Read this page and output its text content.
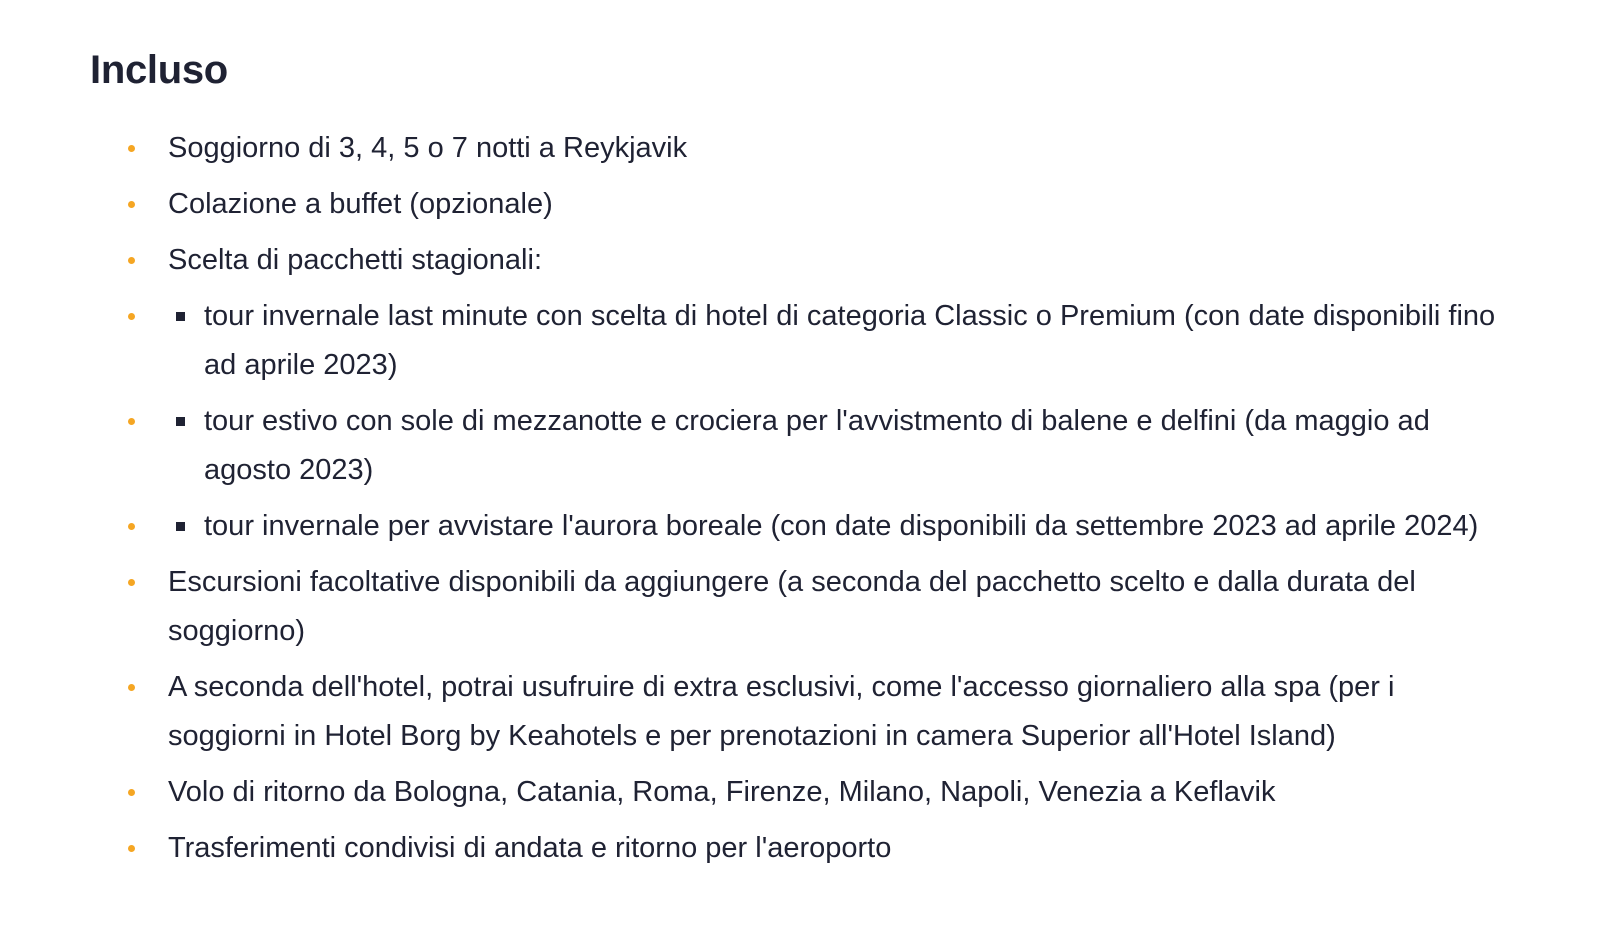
Incluso
Soggiorno di 3, 4, 5 o 7 notti a Reykjavik
Colazione a buffet (opzionale)
Scelta di pacchetti stagionali:
tour invernale last minute con scelta di hotel di categoria Classic o Premium (con date disponibili fino ad aprile 2023)
tour estivo con sole di mezzanotte e crociera per l'avvistmento di balene e delfini (da maggio ad agosto 2023)
tour invernale per avvistare l'aurora boreale (con date disponibili da settembre 2023 ad aprile 2024)
Escursioni facoltative disponibili da aggiungere (a seconda del pacchetto scelto e dalla durata del soggiorno)
A seconda dell'hotel, potrai usufruire di extra esclusivi, come l'accesso giornaliero alla spa (per i soggiorni in Hotel Borg by Keahotels e per prenotazioni in camera Superior all'Hotel Island)
Volo di ritorno da Bologna, Catania, Roma, Firenze, Milano, Napoli, Venezia a Keflavik
Trasferimenti condivisi di andata e ritorno per l'aeroporto
